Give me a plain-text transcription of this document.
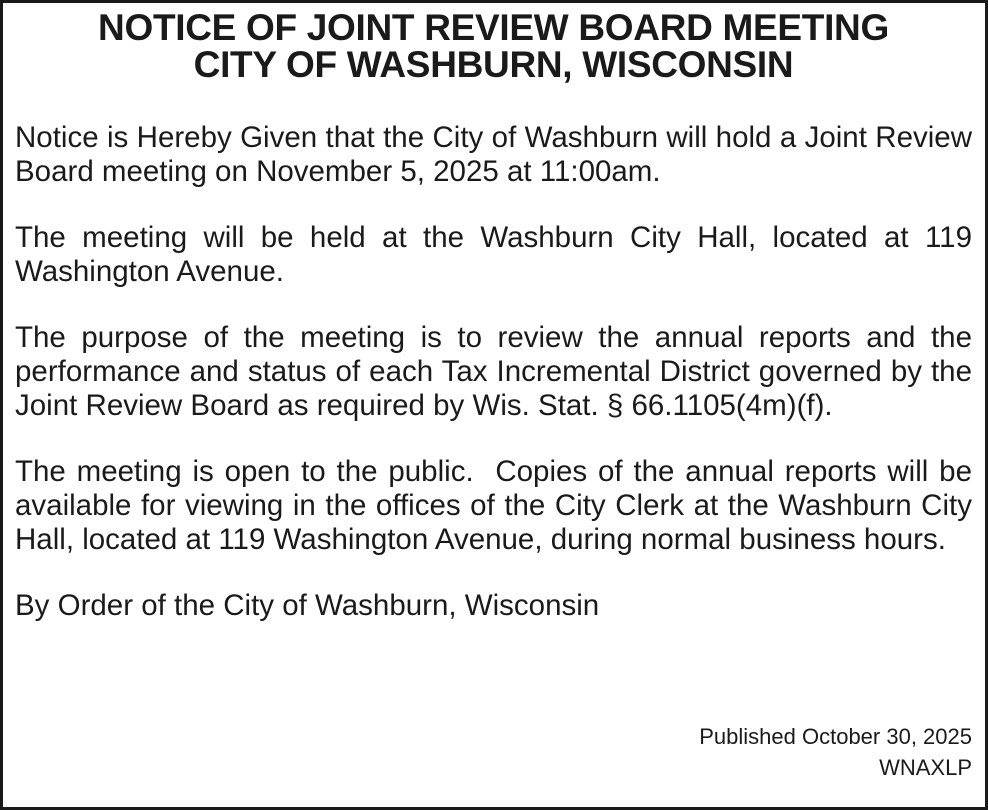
NOTICE OF JOINT REVIEW BOARD MEETING
CITY OF WASHBURN, WISCONSIN

Notice is Hereby Given that the City of Washburn will hold a Joint Review Board meeting on November 5, 2025 at 11:00am.

The meeting will be held at the Washburn City Hall, located at 119 Washington Avenue.

The purpose of the meeting is to review the annual reports and the performance and status of each Tax Incremental District governed by the Joint Review Board as required by Wis. Stat. § 66.1105(4m)(f).

The meeting is open to the public.  Copies of the annual reports will be available for viewing in the offices of the City Clerk at the Washburn City Hall, located at 119 Washington Avenue, during normal business hours.

By Order of the City of Washburn, Wisconsin

Published October 30, 2025
WNAXLP
